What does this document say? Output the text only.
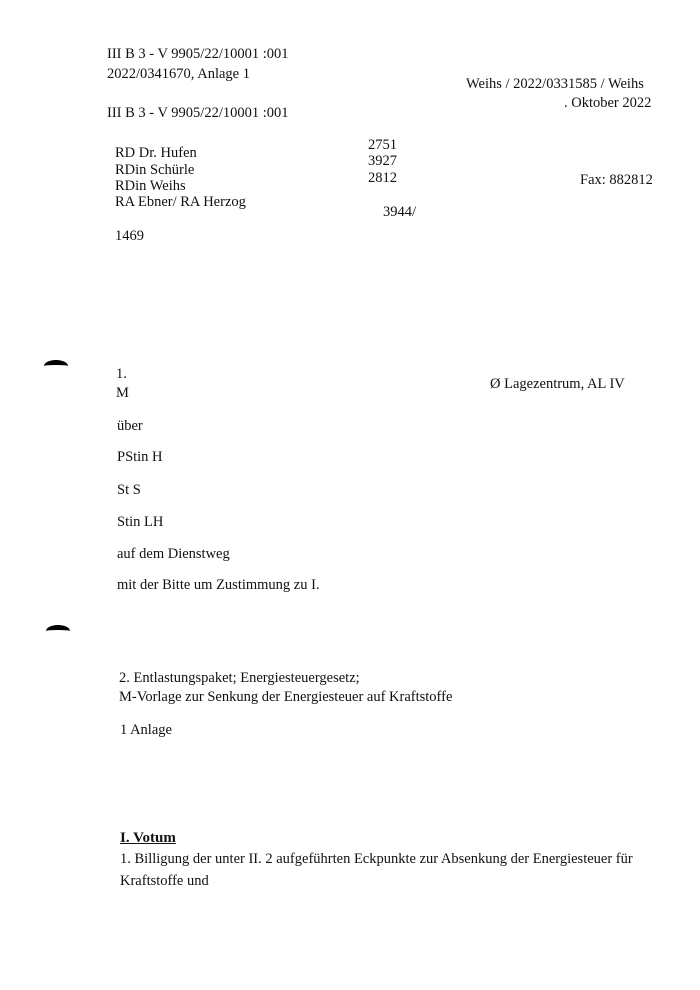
III B 3 - V 9905/22/10001 :001
2022/0341670, Anlage 1
III B 3 - V 9905/22/10001 :001
Weihs / 2022/0331585 / Weihs
. Oktober 2022
RD Dr. Hufen
RDin Schürle
RDin Weihs
RA Ebner/ RA Herzog
2751
3927
2812
3944/
Fax: 882812
1469
1.
M
Ø Lagezentrum, AL IV
über
PStin H
St S
Stin LH
auf dem Dienstweg
mit der Bitte um Zustimmung zu I.
2. Entlastungspaket; Energiesteuergesetz;
M-Vorlage zur Senkung der Energiesteuer auf Kraftstoffe
1 Anlage
I. Votum
1. Billigung der unter II. 2 aufgeführten Eckpunkte zur Absenkung der Energiesteuer für
Kraftstoffe und
